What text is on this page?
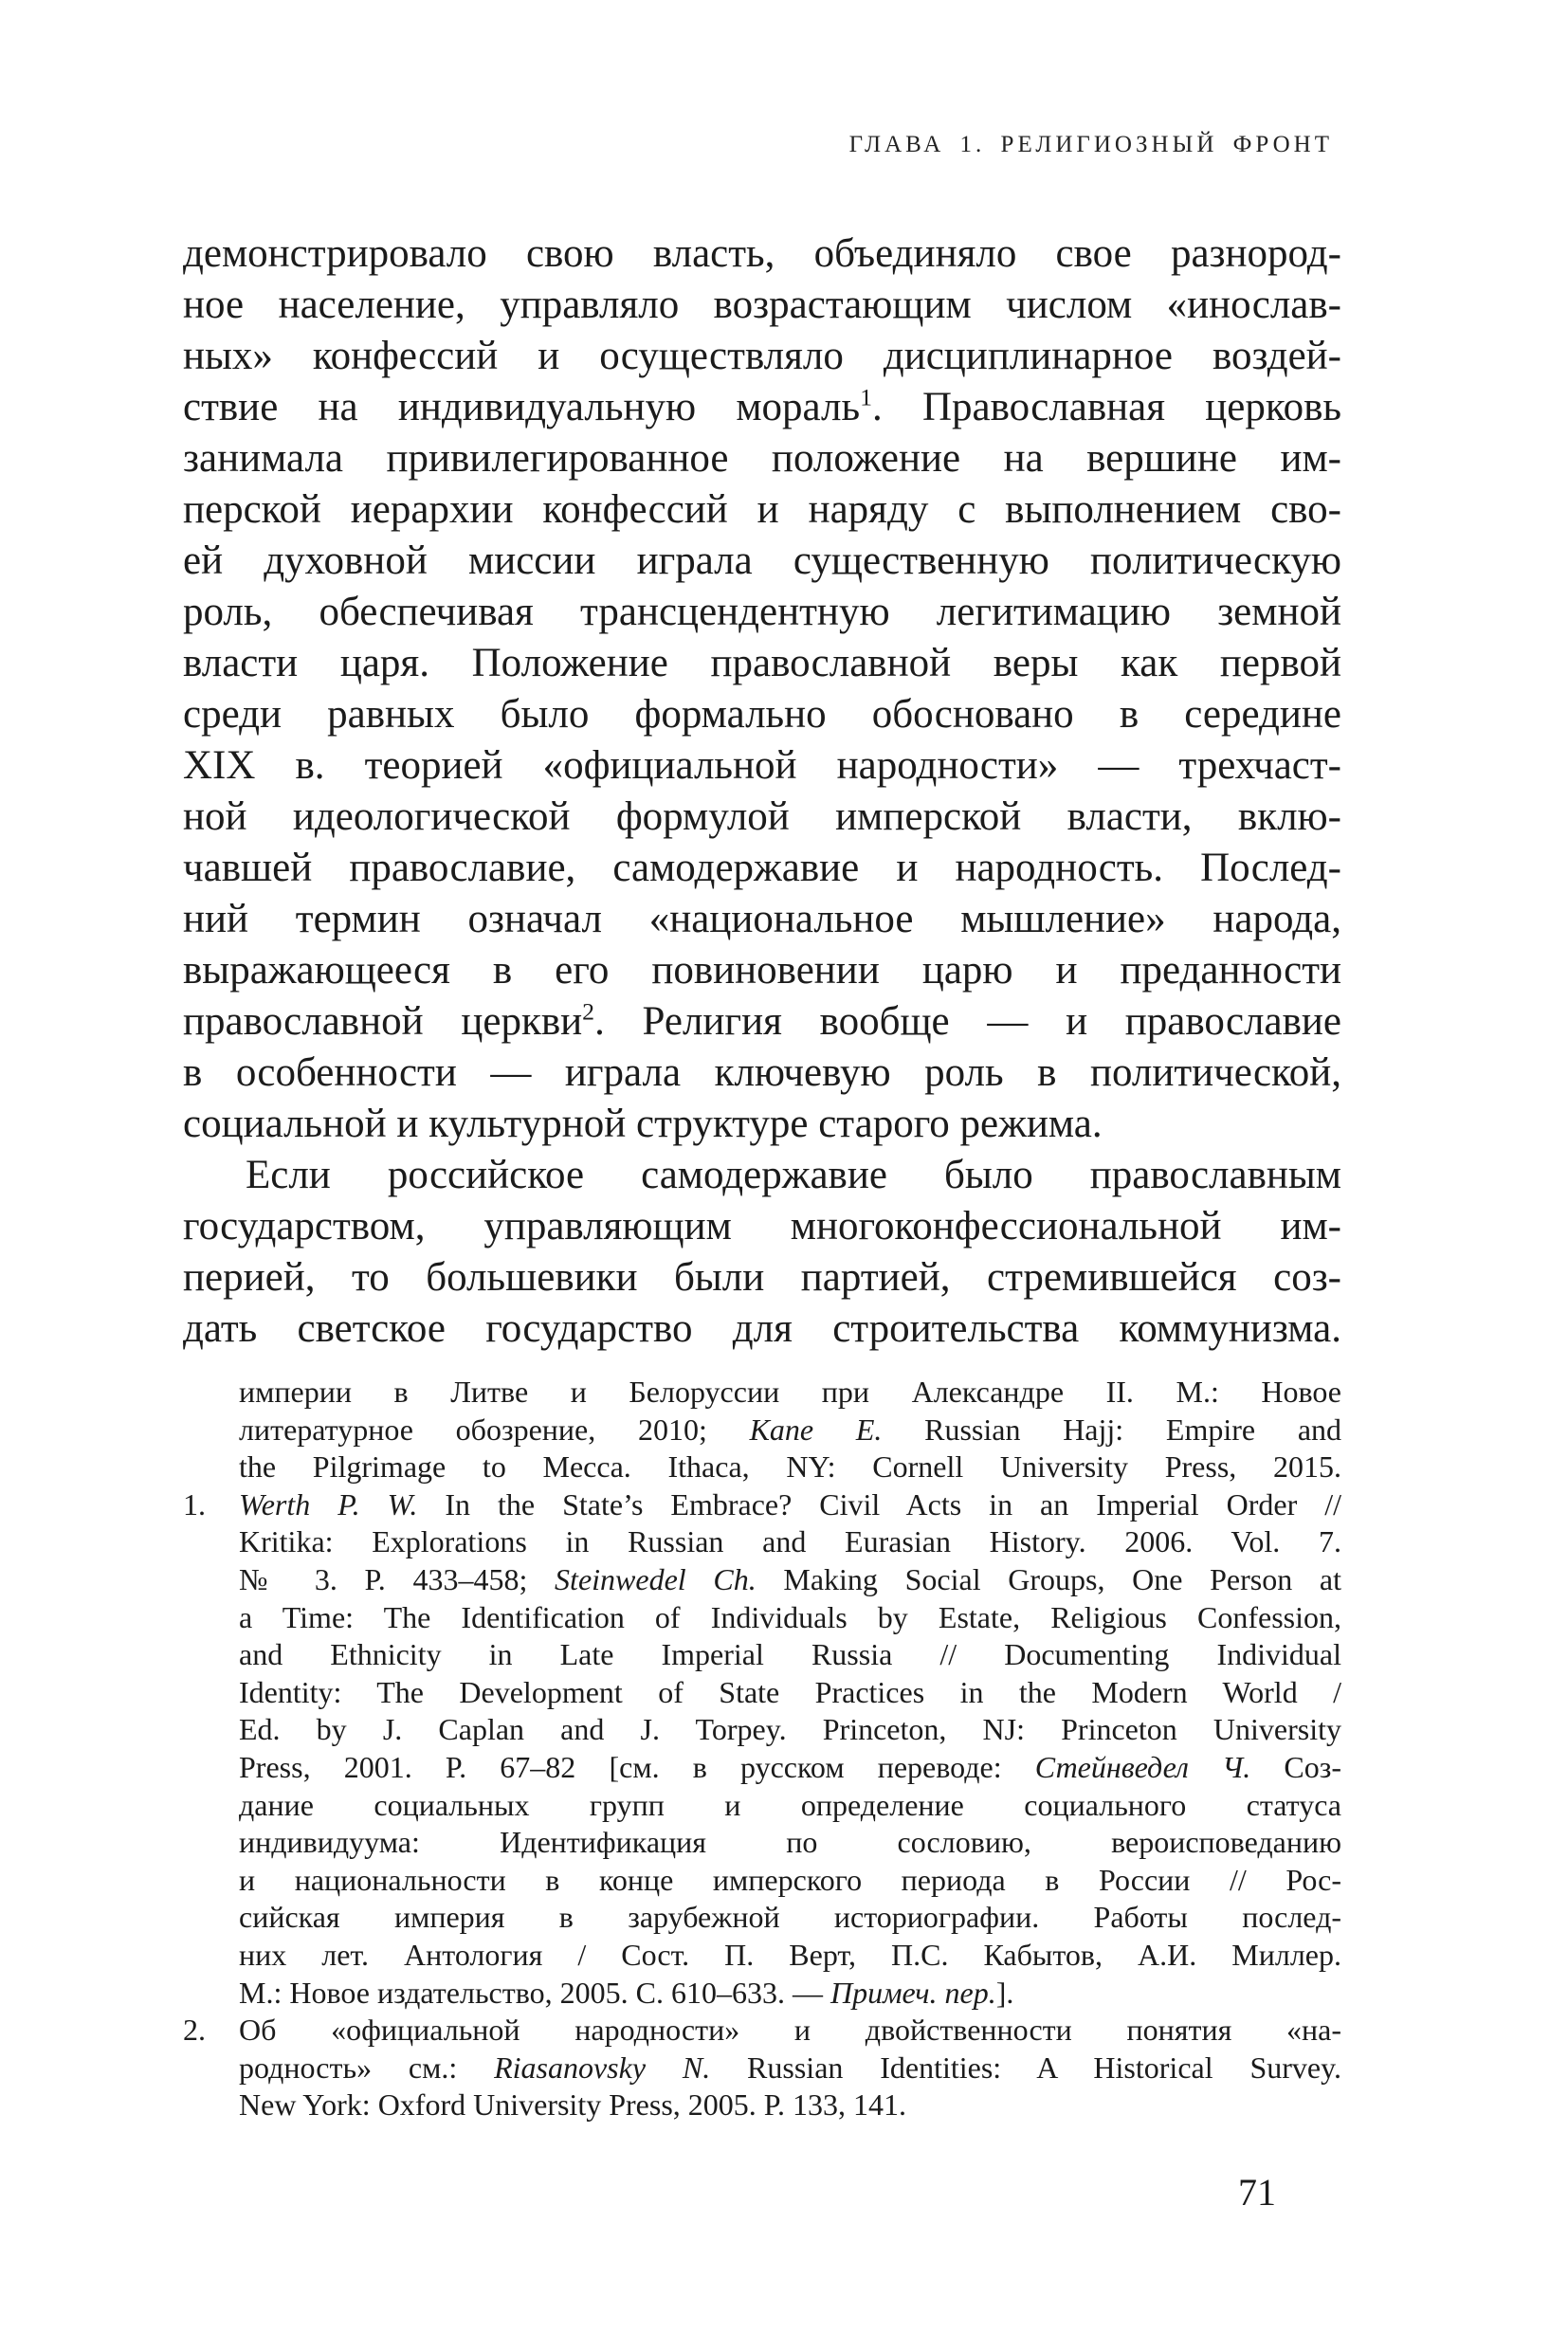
ГЛАВА 1. РЕЛИГИОЗНЫЙ ФРОНТ
демонстрировало свою власть, объединяло свое разнород-
ное население, управляло возрастающим числом «инослав-
ных» конфессий и осуществляло дисциплинарное воздей-
ствие на индивидуальную мораль$^1$. Православная церковь
занимала привилегированное положение на вершине им-
перской иерархии конфессий и наряду с выполнением сво-
ей духовной миссии играла существенную политическую
роль, обеспечивая трансцендентную легитимацию земной
власти царя. Положение православной веры как первой
среди равных было формально обосновано в середине
XIX в. теорией «официальной народности» — трехчаст-
ной идеологической формулой имперской власти, вклю-
чавшей православие, самодержавие и народность. Послед-
ний термин означал «национальное мышление» народа,
выражающееся в его повиновении царю и преданности
православной церкви$^2$. Религия вообще — и православие
в особенности — играла ключевую роль в политической,
социальной и культурной структуре старого режима.
Если российское самодержавие было православным
государством, управляющим многоконфессиональной им-
перией, то большевики были партией, стремившейся соз-
дать светское государство для строительства коммунизма.
империи в Литве и Белоруссии при Александре II. М.: Новое
литературное обозрение, 2010; Kane E. Russian Hajj: Empire and
the Pilgrimage to Mecca. Ithaca, NY: Cornell University Press, 2015.
1.	Werth P. W. In the State’s Embrace? Civil Acts in an Imperial Order //
Kritika: Explorations in Russian and Eurasian History. 2006. Vol. 7.
№ 3. P. 433–458; Steinwedel Ch. Making Social Groups, One Person at
a Time: The Identification of Individuals by Estate, Religious Confession,
and Ethnicity in Late Imperial Russia // Documenting Individual
Identity: The Development of State Practices in the Modern World /
Ed. by J. Caplan and J. Torpey. Princeton, NJ: Princeton University
Press, 2001. P. 67–82 [см. в русском переводе: Стейнведел Ч. Соз-
дание социальных групп и определение социального статуса
индивидуума: Идентификация по сословию, вероисповеданию
и национальности в конце имперского периода в России // Рос-
сийская империя в зарубежной историографии. Работы послед-
них лет. Антология / Сост. П. Верт, П.С. Кабытов, А.И. Миллер.
М.: Новое издательство, 2005. С. 610–633. — Примеч. пер.].
2.	Об «официальной народности» и двойственности понятия «на-
родность» см.: Riasanovsky N. Russian Identities: A Historical Survey.
New York: Oxford University Press, 2005. P. 133, 141.
71
